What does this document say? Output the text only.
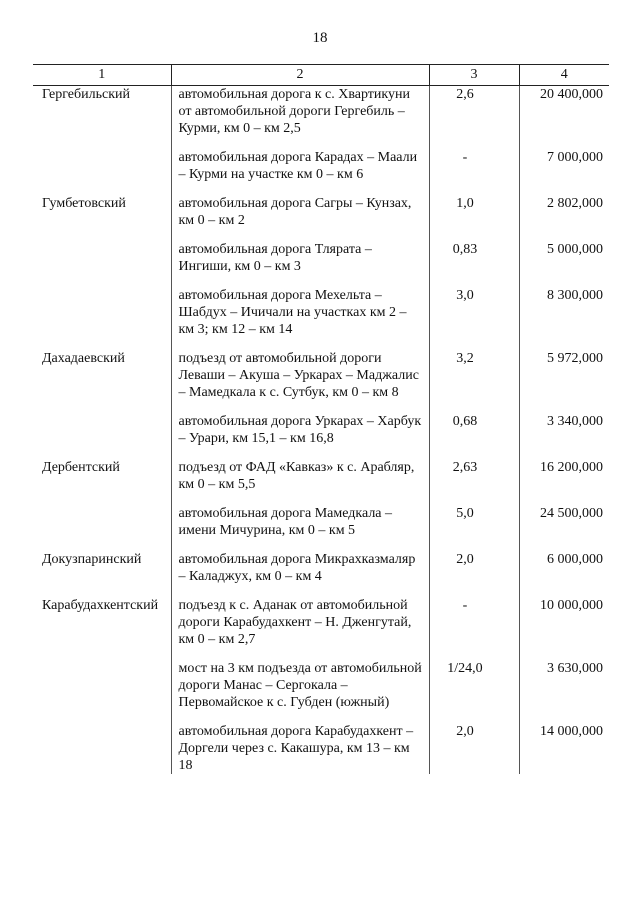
18
1	2	3	4
Гергебильский	автомобильная дорога к с. Хвартикуни от автомобильной дороги Гергебиль – Курми, км 0 – км 2,5	2,6	20 400,000

	автомобильная дорога Карадах – Маали – Курми на участке км 0 – км 6	-	7 000,000

Гумбетовский	автомобильная дорога Сагры – Кунзах, км 0 – км 2	1,0	2 802,000

	автомобильная дорога Тлярата – Ингиши, км 0 – км 3	0,83	5 000,000

	автомобильная дорога Мехельта – Шабдух – Ичичали на участках км 2 – км 3; км 12 – км 14	3,0	8 300,000

Дахадаевский	подъезд от автомобильной дороги Леваши – Акуша – Уркарах – Маджалис – Мамедкала к с. Сутбук, км 0 – км 8	3,2	5 972,000

	автомобильная дорога Уркарах – Харбук – Урари, км 15,1 – км 16,8	0,68	3 340,000

Дербентский	подъезд от ФАД «Кавказ» к с. Арабляр, км 0 – км 5,5	2,63	16 200,000

	автомобильная дорога Мамедкала – имени Мичурина, км 0 – км 5	5,0	24 500,000

Докузпаринский	автомобильная дорога Микрахказмаляр – Каладжух, км 0 – км 4	2,0	6 000,000

Карабудахкентский	подъезд к с. Аданак от автомобильной дороги Карабудахкент – Н. Дженгутай, км 0 – км 2,7	-	10 000,000

	мост на 3 км подъезда от автомобильной дороги Манас – Сергокала – Первомайское к с. Губден (южный)	1/24,0	3 630,000

	автомобильная дорога Карабудахкент – Доргели через с. Какашура, км 13 – км 18	2,0	14 000,000
